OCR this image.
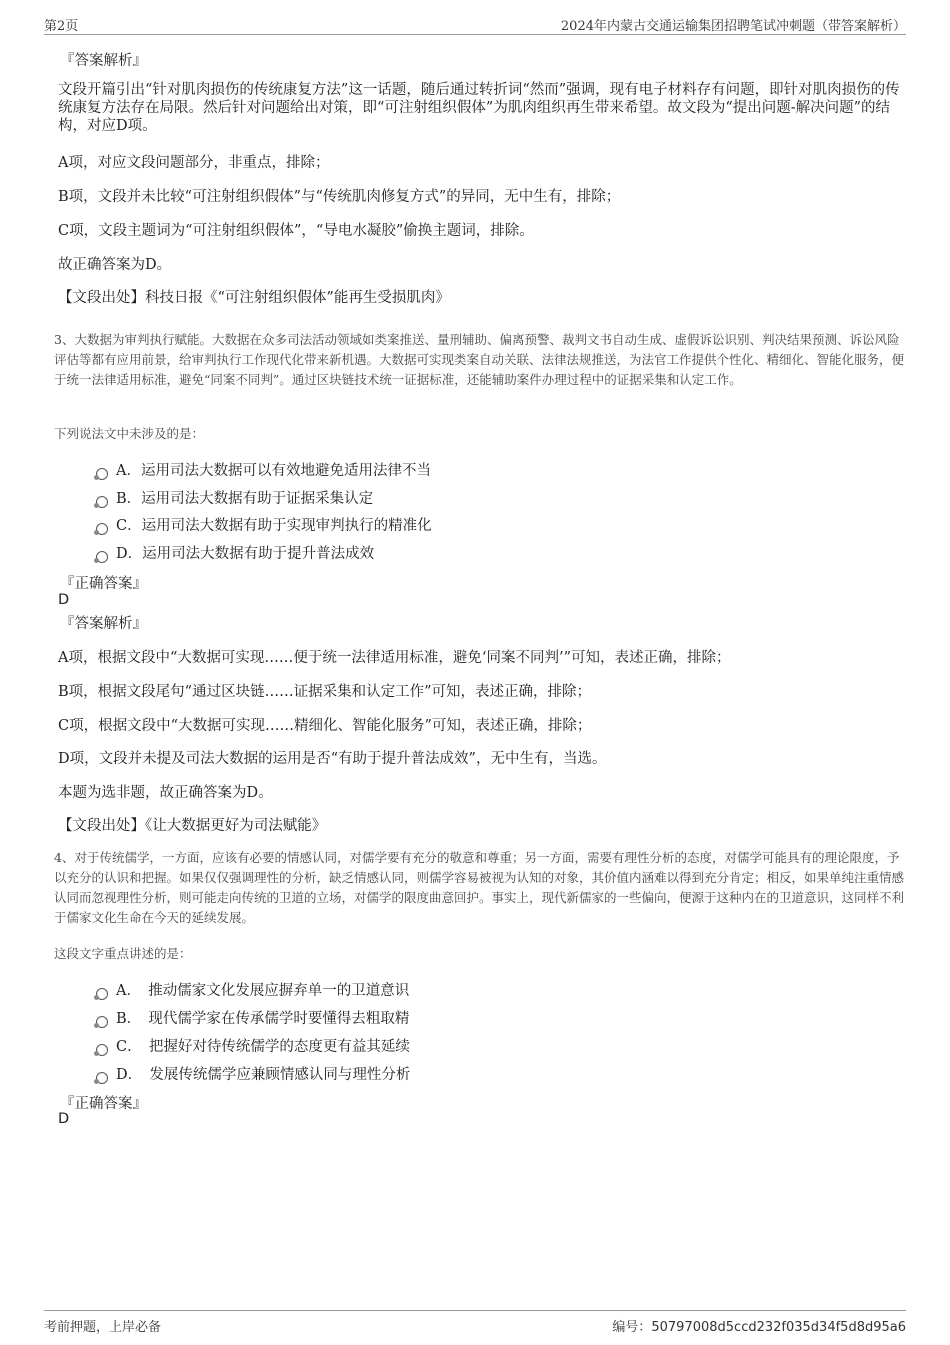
第2页	2024年内蒙古交通运输集团招聘笔试冲刺题（带答案解析）
『答案解析』
文段开篇引出“针对肌肉损伤的传统康复方法”这一话题，随后通过转折词“然而”强调，现有电子材料存有问题，即针对肌肉损伤的传统康复方法存在局限。然后针对问题给出对策，即“可注射组织假体”为肌肉组织再生带来希望。故文段为“提出问题-解决问题”的结构，对应D项。
A项，对应文段问题部分，非重点，排除；
B项，文段并未比较“可注射组织假体”与“传统肌肉修复方式”的异同，无中生有，排除；
C项，文段主题词为“可注射组织假体”，“导电水凝胶”偷换主题词，排除。
故正确答案为D。
【文段出处】科技日报《“可注射组织假体”能再生受损肌肉》
3、大数据为审判执行赋能。大数据在众多司法活动领域如类案推送、量刑辅助、偏离预警、裁判文书自动生成、虚假诉讼识别、判决结果预测、诉讼风险评估等都有应用前景，给审判执行工作现代化带来新机遇。大数据可实现类案自动关联、法律法规推送，为法官工作提供个性化、精细化、智能化服务，便于统一法律适用标准，避免“同案不同判”。通过区块链技术统一证据标准，还能辅助案件办理过程中的证据采集和认定工作。
下列说法文中未涉及的是：
A．运用司法大数据可以有效地避免适用法律不当
B．运用司法大数据有助于证据采集认定
C．运用司法大数据有助于实现审判执行的精准化
D．运用司法大数据有助于提升普法成效
『正确答案』
D
『答案解析』
A项，根据文段中“大数据可实现……便于统一法律适用标准，避免‘同案不同判’”可知，表述正确，排除；
B项，根据文段尾句“通过区块链……证据采集和认定工作”可知，表述正确，排除；
C项，根据文段中“大数据可实现……精细化、智能化服务”可知，表述正确，排除；
D项，文段并未提及司法大数据的运用是否“有助于提升普法成效”，无中生有，当选。
本题为选非题，故正确答案为D。
【文段出处】《让大数据更好为司法赋能》
4、对于传统儒学，一方面，应该有必要的情感认同，对儒学要有充分的敬意和尊重；另一方面，需要有理性分析的态度，对儒学可能具有的理论限度，予以充分的认识和把握。如果仅仅强调理性的分析，缺乏情感认同，则儒学容易被视为认知的对象，其价值内涵难以得到充分肯定；相反，如果单纯注重情感认同而忽视理性分析，则可能走向传统的卫道的立场，对儒学的限度曲意回护。事实上，现代新儒家的一些偏向，便源于这种内在的卫道意识，这同样不利于儒家文化生命在今天的延续发展。
这段文字重点讲述的是：
A．　推动儒家文化发展应摒弃单一的卫道意识
B．　现代儒学家在传承儒学时要懂得去粗取精
C．　把握好对待传统儒学的态度更有益其延续
D．　发展传统儒学应兼顾情感认同与理性分析
『正确答案』
D
考前押题，上岸必备	编号：50797008d5ccd232f035d34f5d8d95a6
